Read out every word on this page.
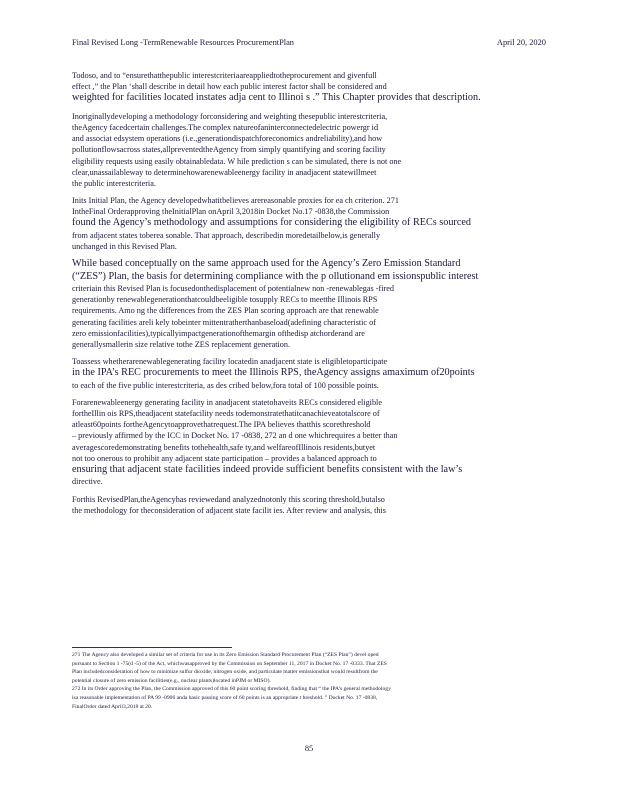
Final Revised Long -TermRenewable Resources ProcurementPlan	April 20, 2020
Todoso, and to “ensurethatthepublic interestcriteriaareappliedtotheprocurement and givenfull
effect ,” the Plan ‘shall describe in detail how each public interest factor shall be considered and
weighted for facilities located instates adja cent to Illinoi s .” This Chapter provides that description.
Inoriginallydeveloping a methodology forconsidering and weighting thesepublic interestcriteria,
theAgency facedcertain challenges.The complex natureofaninterconnectedelectric powergr id
and associat edsystem operations (i.e.,generationdispatchforeconomics andreliability),and how
pollutionflowsacross states,allpreventedtheAgency from simply quantifying and scoring facility
eligibility requests using easily obtainabledata. W hile prediction s can be simulated, there is not one
clear,unassailableway to determinehowarenewableenergy facility in anadjacent statewillmeet
the public interestcriteria.
Inits Initial Plan, the Agency developedwhatitbelieves arereasonable proxies for ea ch criterion. 271
IntheFinal Orderapproving theInitialPlan onApril 3,2018in Docket No.17 -0838,the Commission
found the Agency’s methodology and assumptions for considering the eligibility of RECs sourced
from adjacent states toberea sonable. That approach, describedin moredetailbelow,is generally
unchanged in this Revised Plan.
While based conceptually on the same approach used for the Agency’s Zero Emission Standard
(“ZES”) Plan, the basis for determining compliance with the p ollutionand em issionspublic interest
criteriain this Revised Plan is focusedonthedisplacement of potentialnew non -renewablegas -fired
generationby renewablegenerationthatcouldbeeligible tosupply RECs to meetthe Illinois RPS
requirements. Amo ng the differences from the ZES Plan scoring approach are that renewable
generating facilities areli kely tobeinter mittentratherthanbaseload(adefining characteristic of
zero emissionfacilities),typicallyimpactgenerationofthemargin ofthedisp atchorderand are
generallysmallerin size relative tothe ZES replacement generation.
Toassess whetherarenewablegenerating facility locatedin anadjacent state is eligibletoparticipate
in the IPA’s REC procurements to meet the Illinois RPS, theAgency assigns amaximum of20points
to each of the five public interestcriteria, as des cribed below,fora total of 100 possible points.
Forarenewableenergy generating facility in anadjacent statetohaveits RECs considered eligible
fortheIllin ois RPS,theadjacent statefacility needs todemonstratethatitcanachieveatotalscore of
atleast60points fortheAgencytoapprovethatrequest.The IPA believes thatthis scorethreshold
– previously affirmed by the ICC in Docket No. 17 -0838, 272 an d one whichrequires a better than
averagescoredemonstrating benefits tothehealth,safe ty,and welfareofIllinois residents,butyet
not too onerous to prohibit any adjacent state participation – provides a balanced approach to
ensuring that adjacent state facilities indeed provide sufficient benefits consistent with the law’s
directive.
Forthis RevisedPlan,theAgencyhas reviewedand analyzednotonly this scoring threshold,butalso
the methodology for theconsideration of adjacent state facilit ies. After review and analysis, this
271 The Agency also developed a similar set of criteria for use in its Zero Emission Standard Procurement Plan (“ZES Plan”) devel oped
pursuant to Section 1 -75(d -5) of the Act, whichwasapproved by the Commission on September 11, 2017 in Docket No. 17 -0333. That ZES
Plan includedconsideration of how to minimize sulfur dioxide, nitrogen oxide, and particulate matter emissionsthat would resultfrom the
potential closure of zero emission facilities(e.g., nuclear plants)located inPJM or MISO).
272 In its Order approving the Plan, the Commission approved of this 60 point scoring threshold, finding that “ the IPA’s general methodology
isa reasonable implementation of PA 99 -0906 anda basic passing score of 60 points is an appropriate t hreshold. ” Docket No. 17 -0838,
FinalOrder dated April3,2018 at 20.
85
